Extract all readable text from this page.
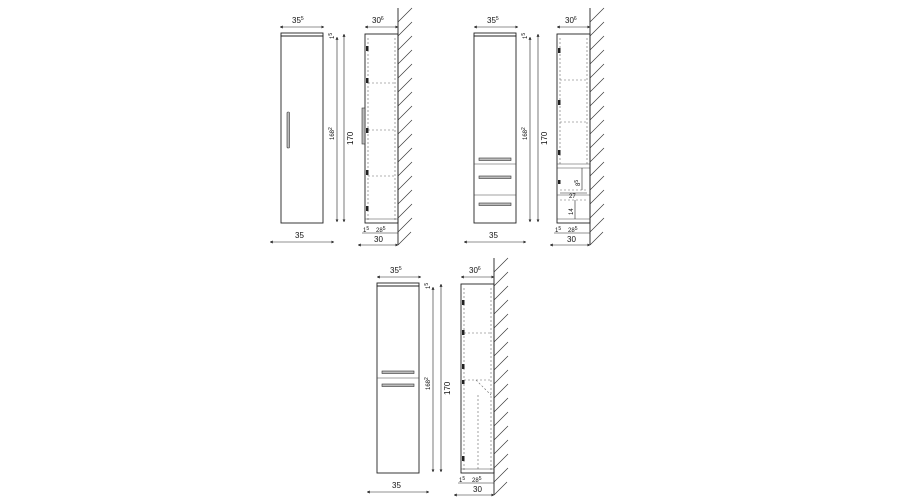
$35^5$
35
$30^6$
170
$168^2$
$1^5$
$1^5$ $28^5$
30
$35^5$
35
$30^6$
170
$168^2$
$1^5$
$8^5$
27
14
$1^5$ $28^5$
30
$35^5$
35
$30^6$
170
$168^2$
$1^5$
$1^5$ $28^5$
30
